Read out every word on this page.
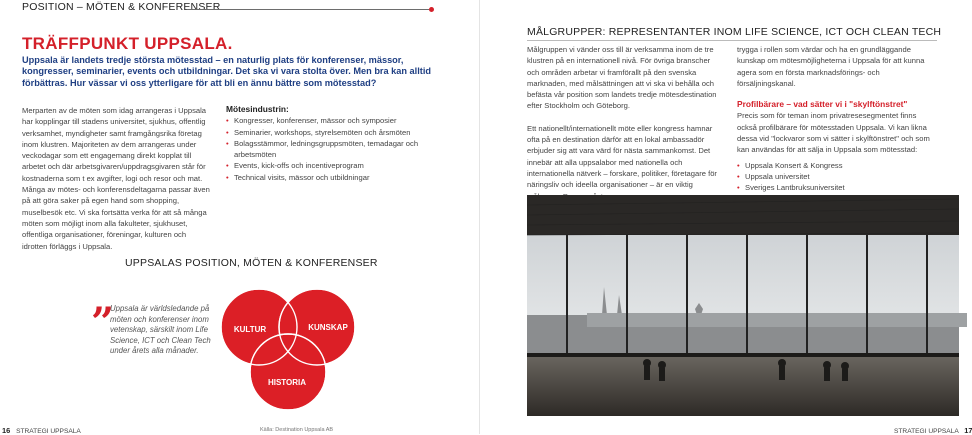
POSITION – MÖTEN & KONFERENSER
TRÄFFPUNKT UPPSALA.
Uppsala är landets tredje största mötesstad – en naturlig plats för konferenser, mässor, kongresser, seminarier, events och utbildningar. Det ska vi vara stolta över. Men bra kan alltid förbättras. Hur vässar vi oss ytterligare för att bli en ännu bättre som mötesstad?
Merparten av de möten som idag arrangeras i Uppsala har kopplingar till stadens universitet, sjukhus, offentlig verksamhet, myndigheter samt framgångsrika företag inom klustren. Majoriteten av dem arrangeras under veckodagar som ett engagemang direkt kopplat till arbetet och där arbetsgivaren/uppdragsgivaren står för kostnaderna som t ex avgifter, logi och resor och mat. Många av mötes- och konferensdeltagarna passar även på att göra saker på egen hand som shopping, muselbesök etc. Vi ska fortsätta verka för att så många möten som möjligt inom alla fakulteter, sjukhuset, offentliga organisationer, föreningar, kulturen och idrotten förläggs i Uppsala.
Mötesindustrin:
• Kongresser, konferenser, mässor och symposier
• Seminarier, workshops, styrelsemöten och årsmöten
• Bolagsstämmor, ledningsgruppsmöten, temadagar och arbetsmöten
• Events, kick-offs och incentiveprogram
• Technical visits, mässor och utbildningar
UPPSALAS POSITION, MÖTEN & KONFERENSER
”
Uppsala är världsledande på möten och konferenser inom vetenskap, särskilt inom Life Science, ICT och Clean Tech under årets alla månader.
KULTUR	KUNSKAP
HISTORIA
16 STRATEGI UPPSALA	Källa: Destination Uppsala AB
MÅLGRUPPER: REPRESENTANTER INOM LIFE SCIENCE, ICT OCH CLEAN TECH

Målgruppen vi vänder oss till är verksamma inom de tre klustren på en internationell nivå. För övriga branscher och områden arbetar vi framförallt på den svenska marknaden, med målsättningen att vi ska vi behålla och befästa vår position som landets tredje mötesdestination efter Stockholm och Göteborg.

Ett nationellt/internationellt möte eller kongress hamnar ofta på en destination därför att en lokal ambassadör erbjuder sig att vara värd för nästa sammankomst. Det innebär att alla uppsalabor med nationella och internationella nätverk – forskare, politiker, företagare för näringsliv och ideella organisationer – är en viktig

trygga i rollen som värdar och ha en grundläggande kunskap om mötesmöjligheterna i Uppsala för att kunna agera som en första marknadsförings- och försäljningskanal.
Profilbärare – vad sätter vi i "skylftönstret"
Precis som för teman inom privatresesegmentet finns också profilbärare för mötesstaden Uppsala. Vi kan likna dessa vid "lockvaror som vi sätter i skylftönstret" och som kan användas för att sälja in Uppsala som mötesstad:
• Uppsala Konsert & Kongress
• Uppsala universitet
• Sveriges Lantbruksuniversitet
•
STRATEGI UPPSALA 17
